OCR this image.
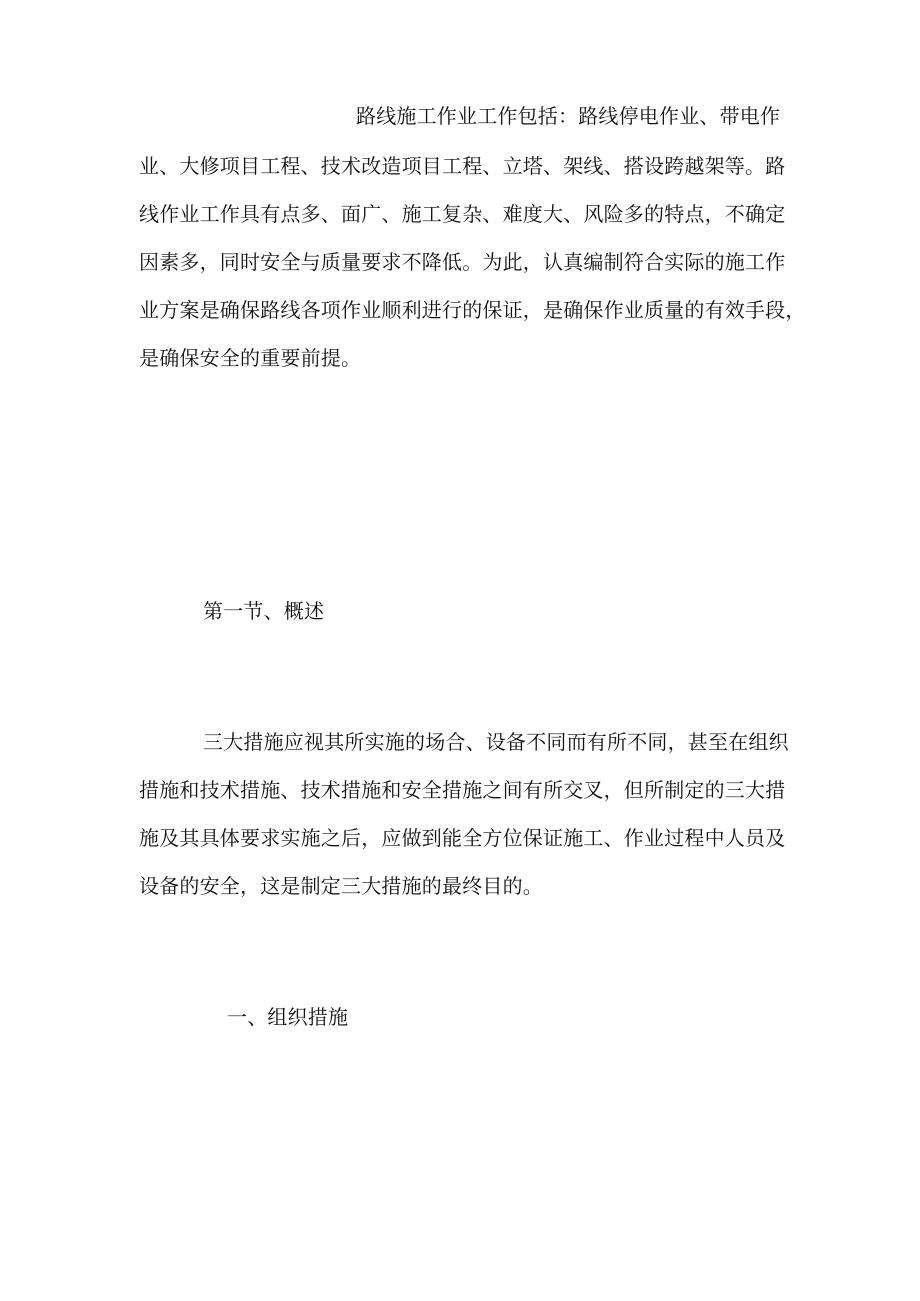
路线施工作业工作包括：路线停电作业、带电作
业、大修项目工程、技术改造项目工程、立塔、架线、搭设跨越架等。路
线作业工作具有点多、面广、施工复杂、难度大、风险多的特点，不确定
因素多，同时安全与质量要求不降低。为此，认真编制符合实际的施工作
业方案是确保路线各项作业顺利进行的保证，是确保作业质量的有效手段，
是确保安全的重要前提。
第一节、概述
三大措施应视其所实施的场合、设备不同而有所不同，甚至在组织
措施和技术措施、技术措施和安全措施之间有所交叉，但所制定的三大措
施及其具体要求实施之后，应做到能全方位保证施工、作业过程中人员及
设备的安全，这是制定三大措施的最终目的。
一、组织措施
